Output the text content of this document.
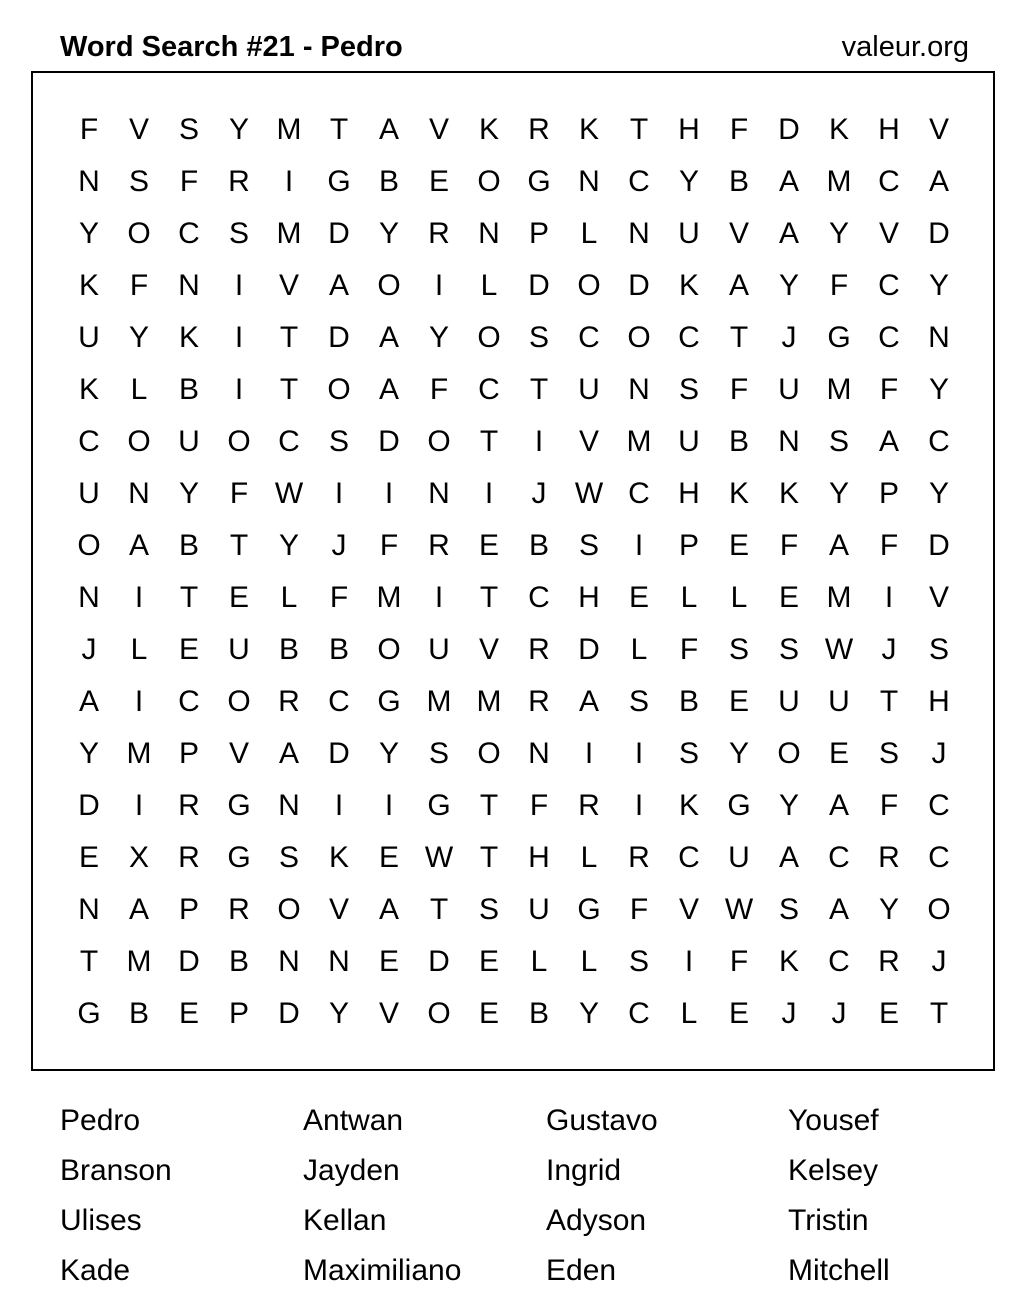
Word Search #21 - Pedro	valeur.org
F	V S Y M T	A V K R K	T	H	F	D K H V
N S	F	R	I	G B E O G N C Y B A M C A
Y O C S M D Y R N P	L	N U V A Y V D
K	F	N	I	V A O	I	L	D O D K A Y	F	C Y
U Y K	I	T	D A Y O S C O C	T	J	G C N
K	L	B	I	T O A	F	C	T	U N S	F	U M F	Y
C O U O C S D O T	I	V M U B N S A C
U N Y	F W	I	I	N	I	J W C H K K Y P Y
O A B	T	Y	J	F	R E B S	I	P E	F	A	F	D
N	I	T	E	L	F M	I	T	C H E	L	L	E M	I	V
J	L	E U B B O U V R D	L	F	S S W J	S
A	I	C O R C G M M R A S B E U U	T	H
Y M P V A D Y S O N	I	I	S Y O E S	J
D	I	R G N	I	I	G T	F	R	I	K G Y A	F	C
E X R G S K E W T	H	L	R C U A C R C
N A P R O V A	T	S U G F	V W S A Y O
T M D B N N E D E	L	L	S	I	F	K C R	J
G B E P D Y V O E B Y C	L	E	J	J	E	T
Pedro	Antwan	Gustavo	Yousef
Branson	Jayden	Ingrid	Kelsey
Ulises	Kellan	Adyson	Tristin
Kade	Maximiliano	Eden	Mitchell
